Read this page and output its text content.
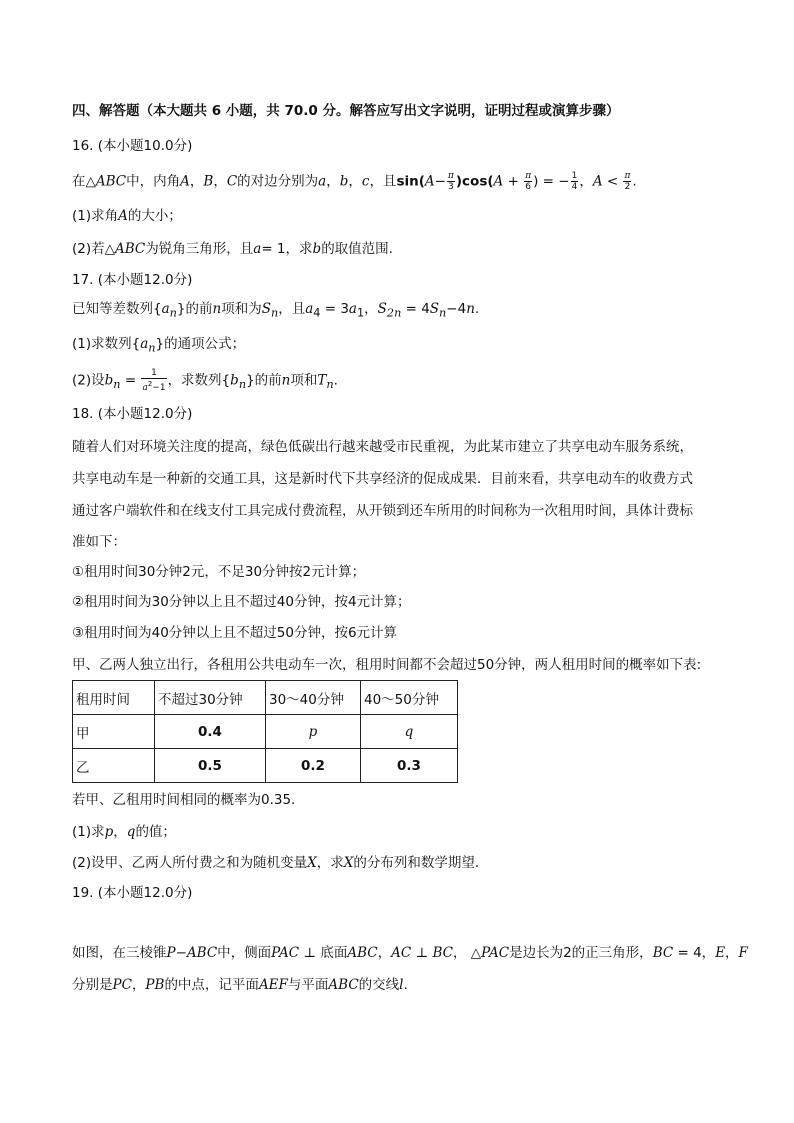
四、解答题（本大题共 6 小题，共 70.0 分。解答应写出文字说明，证明过程或演算步骤）
16. (本小题10.0分)
在△ABC中，内角A，B，C的对边分别为a，b，c，且$\sin(A- \frac{\pi}{3} )\cos(A + \frac{\pi}{6}$ ) = − $\frac{1}{4}$ ，$A < \frac{\pi}{2}$ .
(1)求角A的大小；
(2)若△ABC为锐角三角形，且a= 1，求b的取值范围.
17. (本小题12.0分)
已知等差数列$\{a_n\}$的前n项和为$S_n$，且$a_4 = 3a_1$，$S_{2n} = 4S_n-4n$.
(1)求数列$\{a_n\}$的通项公式；
(2)设$b_n = \frac{1}{a^2-1}$ ，求数列$\{b_n\}$的前n项和$T_n$.
18. (本小题12.0分)
随着人们对环境关注度的提高，绿色低碳出行越来越受市民重视，为此某市建立了共享电动车服务系统，
共享电动车是一种新的交通工具，这是新时代下共享经济的促成成果．目前来看，共享电动车的收费方式
通过客户端软件和在线支付工具完成付费流程，从开锁到还车所用的时间称为一次租用时间，具体计费标
准如下：
①租用时间30分钟2元，不足30分钟按2元计算；
②租用时间为30分钟以上且不超过40分钟，按4元计算；
③租用时间为40分钟以上且不超过50分钟，按6元计算
甲、乙两人独立出行，各租用公共电动车一次，租用时间都不会超过50分钟，两人租用时间的概率如下表:
租用时间	不超过30分钟	30～40分钟	40～50分钟
甲	0.4	p	q
乙	0.5	0.2	0.3
若甲、乙租用时间相同的概率为0.35.
(1)求p，q的值；
(2)设甲、乙两人所付费之和为随机变量X，求X的分布列和数学期望．
19. (本小题12.0分)
如图，在三棱锥P−ABC中，侧面PAC ⊥ 底面ABC，AC ⊥ BC， △PAC是边长为2的正三角形，BC = 4，E，F
分别是PC，PB的中点，记平面AEF与平面ABC的交线l.
